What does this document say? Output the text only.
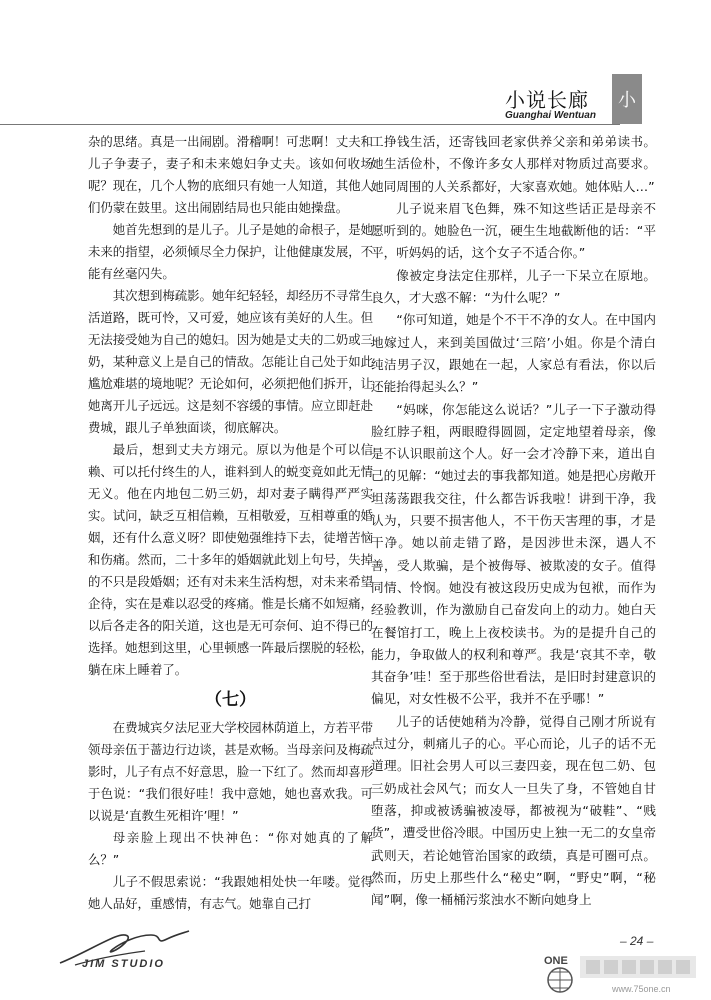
小说长廊
Guanghai Wentuan
小

杂的思绪。真是一出闹剧。滑稽啊！可悲啊！丈夫和儿子争妻子，妻子和未来媳妇争丈夫。该如何收场呢？现在，几个人物的底细只有她一人知道，其他人们仍蒙在鼓里。这出闹剧结局也只能由她操盘。

她首先想到的是儿子。儿子是她的命根子，是她未来的指望，必须倾尽全力保护，让他健康发展，不能有丝毫闪失。

其次想到梅疏影。她年纪轻轻，却经历不寻常生活道路，既可怜，又可爱，她应该有美好的人生。但无法接受她为自己的媳妇。因为她是丈夫的二奶或三奶，某种意义上是自己的情敌。怎能让自己处于如此尴尬难堪的境地呢？无论如何，必须把他们拆开，让她离开儿子远远。这是刻不容缓的事情。应立即赶赴费城，跟儿子单独面谈，彻底解决。

最后，想到丈夫方翊元。原以为他是个可以信赖、可以托付终生的人，谁料到人的蜕变竟如此无情无义。他在内地包二奶三奶，却对妻子瞒得严严实实。试问，缺乏互相信赖，互相敬爱，互相尊重的婚姻，还有什么意义呀？即使勉强维持下去，徒增苦恼和伤痛。然而，二十多年的婚姻就此划上句号，失掉的不只是段婚姻；还有对未来生活构想，对未来希望企待，实在是难以忍受的疼痛。惟是长痛不如短痛，以后各走各的阳关道，这也是无可奈何、迫不得已的选择。她想到这里，心里顿感一阵最后摆脱的轻松，躺在床上睡着了。

（七）

在费城宾夕法尼亚大学校园林荫道上，方若平带领母亲伍于蔷边行边谈，甚是欢畅。当母亲问及梅疏影时，儿子有点不好意思，脸一下红了。然而却喜形于色说：“我们很好哇！我中意她，她也喜欢我。可以说是‘直教生死相许’哩！”

母亲脸上现出不快神色：“你对她真的了解么？”

儿子不假思索说：“我跟她相处快一年喽。觉得她人品好，重感情，有志气。她靠自己打

工挣钱生活，还寄钱回老家供养父亲和弟弟读书。她生活俭朴，不像许多女人那样对物质过高要求。她同周围的人关系都好，大家喜欢她。她体贴人…”

儿子说来眉飞色舞，殊不知这些话正是母亲不愿听到的。她脸色一沉，硬生生地截断他的话：“平平，听妈妈的话，这个女子不适合你。”

像被定身法定住那样，儿子一下呆立在原地。良久，才大惑不解：“为什么呢？”

“你可知道，她是个不干不净的女人。在中国内地嫁过人，来到美国做过‘三陪’小姐。你是个清白纯洁男子汉，跟她在一起，人家总有看法，你以后还能抬得起头么？”

“妈咪，你怎能这么说话？”儿子一下子激动得脸红脖子粗，两眼瞪得圆圆，定定地望着母亲，像是不认识眼前这个人。好一会才冷静下来，道出自己的见解：“她过去的事我都知道。她是把心房敞开坦荡荡跟我交往，什么都告诉我啦！讲到干净，我认为，只要不损害他人，不干伤天害理的事，才是干净。她以前走错了路，是因涉世未深，遇人不善，受人欺骗，是个被侮辱、被欺凌的女子。值得同情、怜悯。她没有被这段历史成为包袱，而作为经验教训，作为激励自己奋发向上的动力。她白天在餐馆打工，晚上上夜校读书。为的是提升自己的能力，争取做人的权利和尊严。我是‘哀其不幸，敬其奋争’哇！至于那些俗世看法，是旧时封建意识的偏见，对女性极不公平，我并不在乎哪！”

儿子的话使她稍为冷静，觉得自己刚才所说有点过分，刺痛儿子的心。平心而论，儿子的话不无道理。旧社会男人可以三妻四妾，现在包二奶、包三奶成社会风气；而女人一旦失了身，不管她自甘堕落，抑或被诱骗被凌辱，都被视为“破鞋”、“贱货”，遭受世俗冷眼。中国历史上独一无二的女皇帝武则天，若论她管治国家的政绩，真是可圈可点。然而，历史上那些什么“秘史”啊，“野史”啊，“秘闻”啊，像一桶桶污浆浊水不断向她身上

– 24 –
JIM STUDIO	ONE
www.75one.cn
